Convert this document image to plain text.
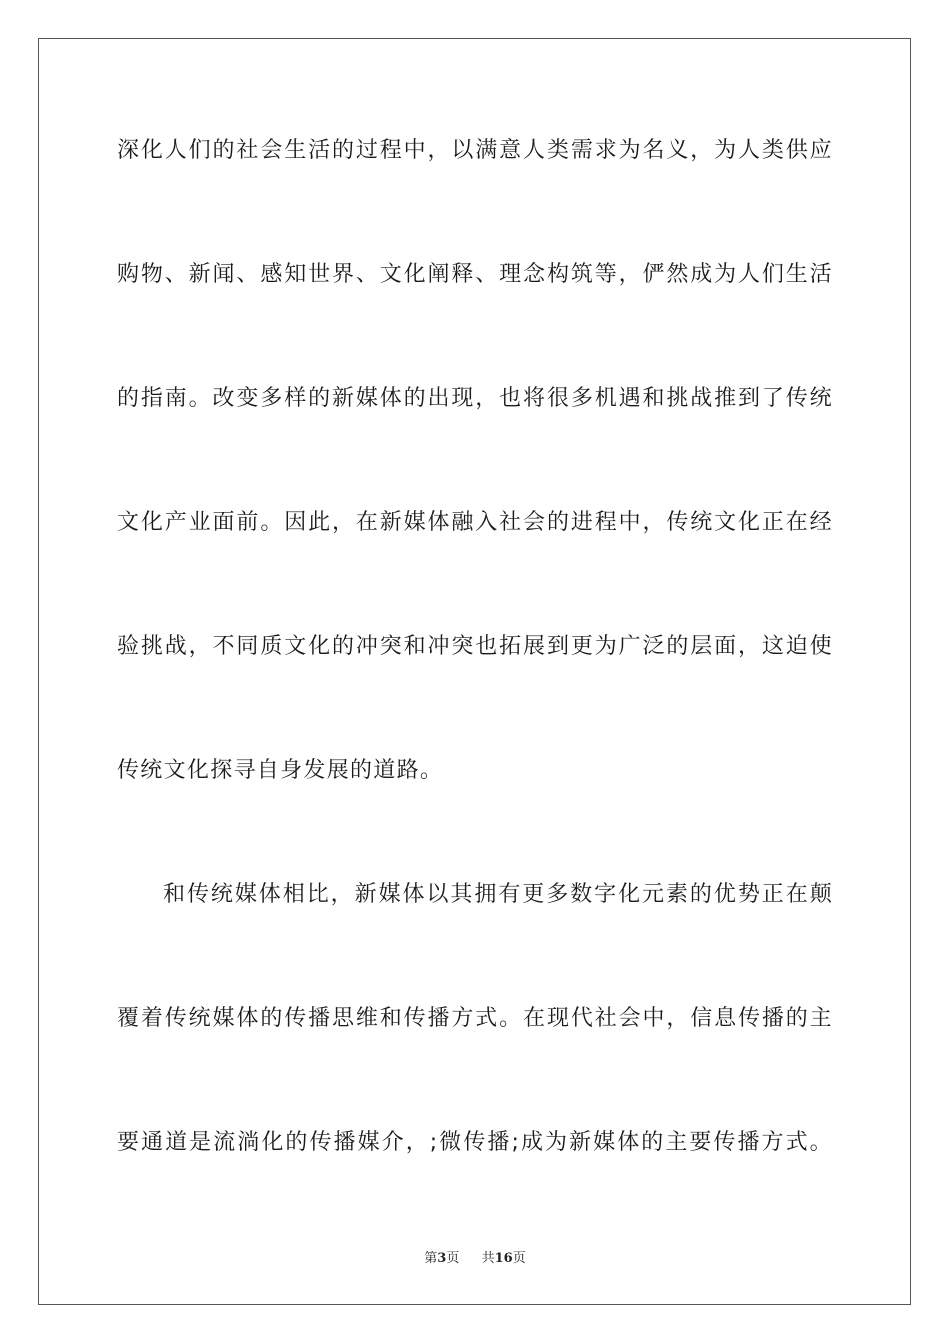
深化人们的社会生活的过程中，以满意人类需求为名义，为人类供应

购物、新闻、感知世界、文化阐释、理念构筑等，俨然成为人们生活

的指南。改变多样的新媒体的出现，也将很多机遇和挑战推到了传统

文化产业面前。因此，在新媒体融入社会的进程中，传统文化正在经

验挑战，不同质文化的冲突和冲突也拓展到更为广泛的层面，这迫使

传统文化探寻自身发展的道路。

和传统媒体相比，新媒体以其拥有更多数字化元素的优势正在颠

覆着传统媒体的传播思维和传播方式。在现代社会中，信息传播的主

要通道是流淌化的传播媒介，;微传播;成为新媒体的主要传播方式。

第3页 共16页
